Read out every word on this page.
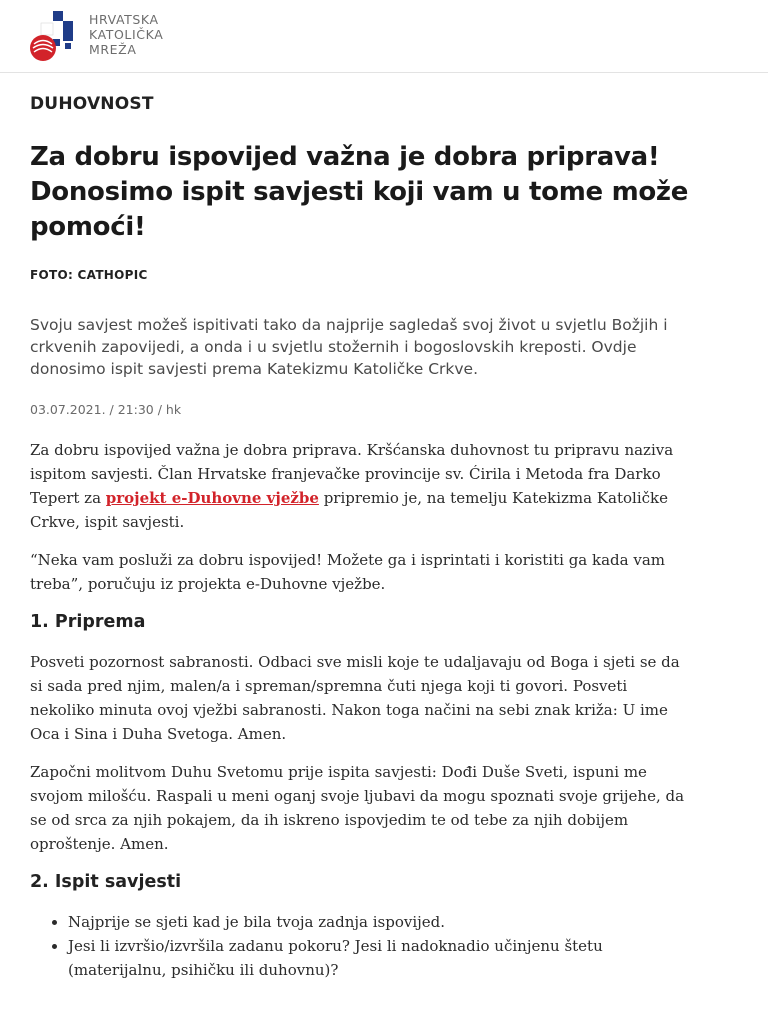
HRVATSKA
KATOLIČKA
MREŽA
DUHOVNOST
Za dobru ispovijed važna je dobra priprava! Donosimo ispit savjesti koji vam u tome može pomoći!
FOTO: CATHOPIC
Svoju savjest možeš ispitivati tako da najprije sagledaš svoj život u svjetlu Božjih i crkvenih zapovijedi, a onda i u svjetlu stožernih i bogoslovskih kreposti. Ovdje donosimo ispit savjesti prema Katekizmu Katoličke Crkve.
03.07.2021. / 21:30 / hk

Za dobru ispovijed važna je dobra priprava. Kršćanska duhovnost tu pripravu naziva ispitom savjesti. Član Hrvatske franjevačke provincije sv. Ćirila i Metoda fra Darko Tepert za projekt e-Duhovne vježbe pripremio je, na temelju Katekizma Katoličke Crkve, ispit savjesti.

“Neka vam posluži za dobru ispovijed! Možete ga i isprintati i koristiti ga kada vam treba”, poručuju iz projekta e-Duhovne vježbe.

1. Priprema

Posveti pozornost sabranosti. Odbaci sve misli koje te udaljavaju od Boga i sjeti se da si sada pred njim, malen/a i spreman/spremna čuti njega koji ti govori. Posveti nekoliko minuta ovoj vježbi sabranosti. Nakon toga načini na sebi znak križa: U ime Oca i Sina i Duha Svetoga. Amen.

Započni molitvom Duhu Svetomu prije ispita savjesti: Dođi Duše Sveti, ispuni me svojom milošću. Raspali u meni oganj svoje ljubavi da mogu spoznati svoje grijehe, da se od srca za njih pokajem, da ih iskreno ispovjedim te od tebe za njih dobijem oproštenje. Amen.

2. Ispit savjesti
• Najprije se sjeti kad je bila tvoja zadnja ispovijed.
• Jesi li izvršio/izvršila zadanu pokoru? Jesi li nadoknadio učinjenu štetu (materijalnu, psihičku ili duhovnu)?
